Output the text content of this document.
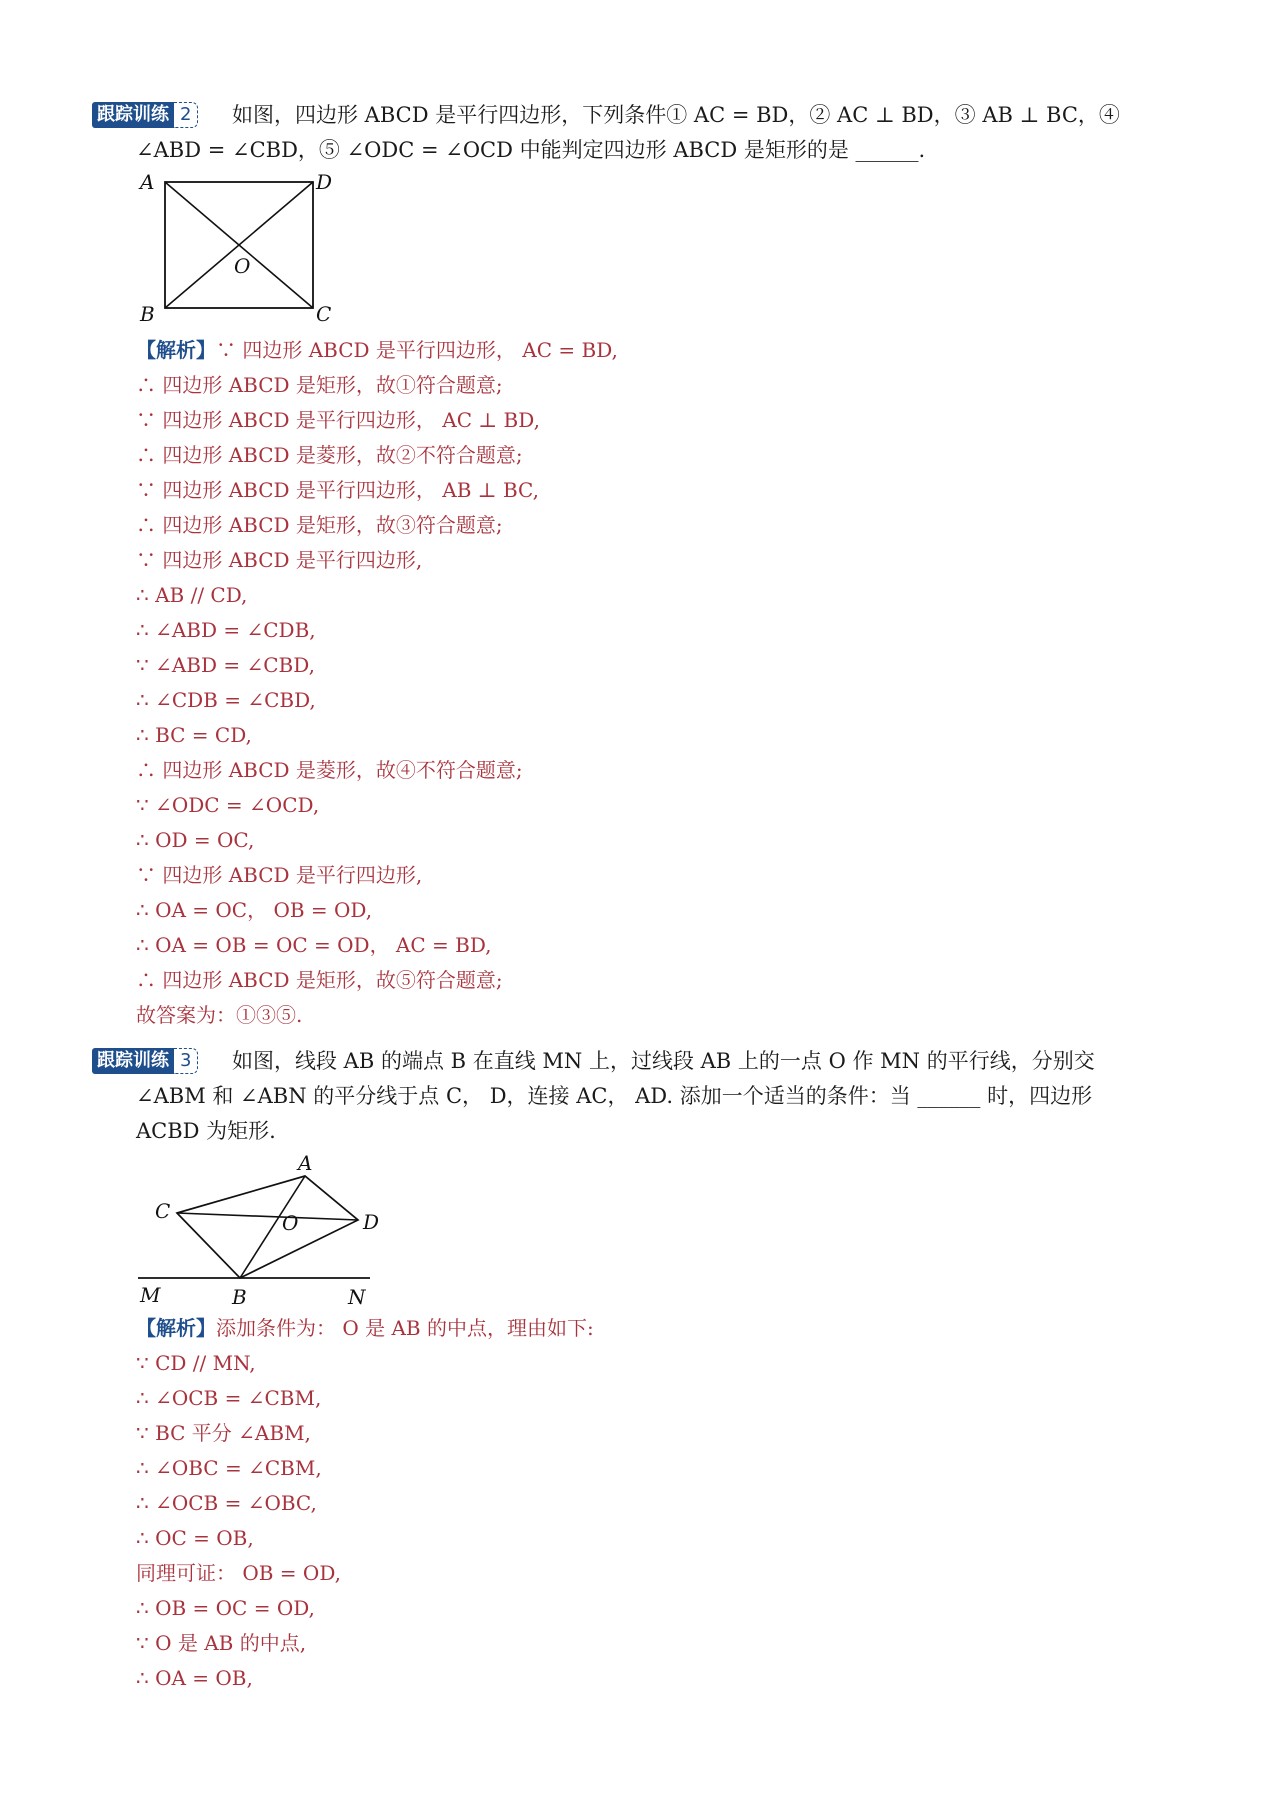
跟踪训练 2	如图，四边形 ABCD 是平行四边形，下列条件① AC = BD，② AC ⊥ BD，③ AB ⊥ BC，④
∠ABD = ∠CBD，⑤ ∠ODC = ∠OCD 中能判定四边形 ABCD 是矩形的是 ______.
A	D
O
B	C
【解析】∵ 四边形 ABCD 是平行四边形， AC = BD,
∴ 四边形 ABCD 是矩形，故①符合题意;
∵ 四边形 ABCD 是平行四边形， AC ⊥ BD,
∴ 四边形 ABCD 是菱形，故②不符合题意;
∵ 四边形 ABCD 是平行四边形， AB ⊥ BC,
∴ 四边形 ABCD 是矩形，故③符合题意;
∵ 四边形 ABCD 是平行四边形,
∴ AB // CD,
∴ ∠ABD = ∠CDB,
∵ ∠ABD = ∠CBD,
∴ ∠CDB = ∠CBD,
∴ BC = CD,
∴ 四边形 ABCD 是菱形，故④不符合题意;
∵ ∠ODC = ∠OCD,
∴ OD = OC,
∵ 四边形 ABCD 是平行四边形,
∴ OA = OC， OB = OD,
∴ OA = OB = OC = OD， AC = BD,
∴ 四边形 ABCD 是矩形，故⑤符合题意;
故答案为：①③⑤.
跟踪训练 3	如图，线段 AB 的端点 B 在直线 MN 上，过线段 AB 上的一点 O 作 MN 的平行线，分别交
∠ABM 和 ∠ABN 的平分线于点 C， D，连接 AC， AD. 添加一个适当的条件：当 ______ 时，四边形
ACBD 为矩形.
A
C	O	D
M	B	N
【解析】添加条件为： O 是 AB 的中点，理由如下:
∵ CD // MN,
∴ ∠OCB = ∠CBM,
∵ BC 平分 ∠ABM,
∴ ∠OBC = ∠CBM,
∴ ∠OCB = ∠OBC,
∴ OC = OB,
同理可证： OB = OD,
∴ OB = OC = OD,
∵ O 是 AB 的中点,
∴ OA = OB,
